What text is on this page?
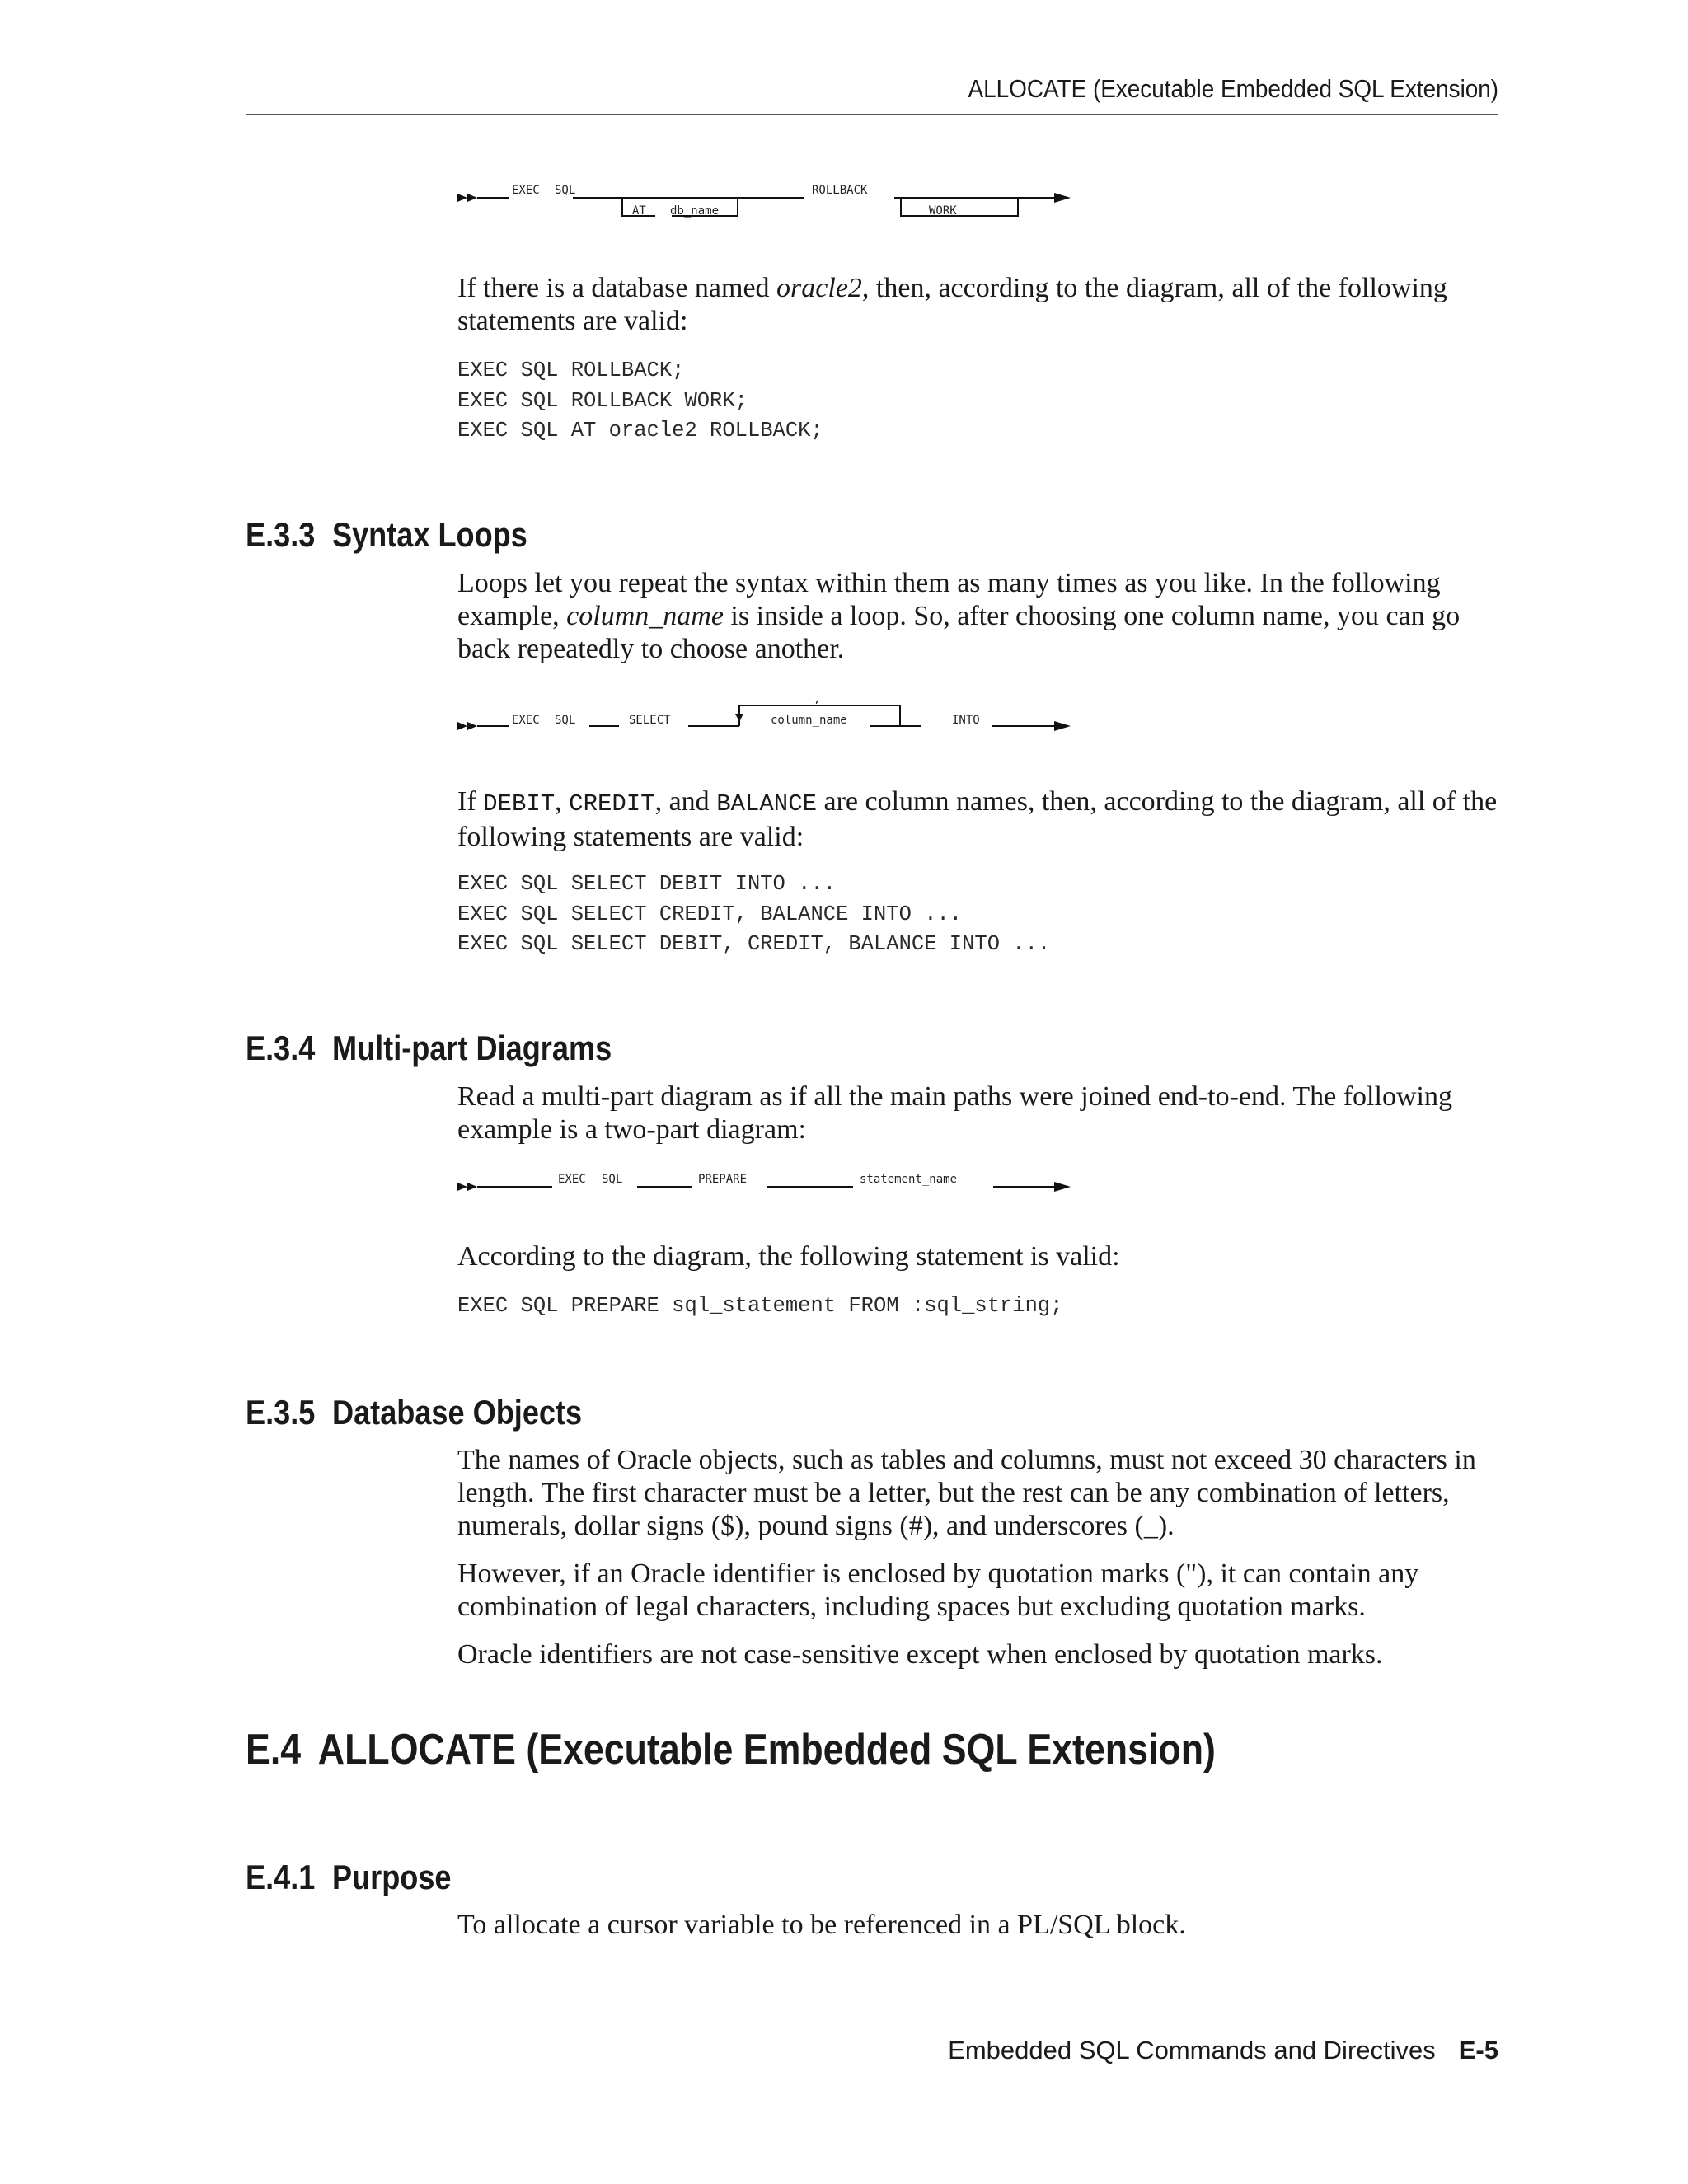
ALLOCATE (Executable Embedded SQL Extension)
EXEC SQL
AT db_name
ROLLBACK
WORK

If there is a database named oracle2, then, according to the diagram, all of the following statements are valid:

EXEC SQL ROLLBACK;
EXEC SQL ROLLBACK WORK;
EXEC SQL AT oracle2 ROLLBACK;
E.3.3 Syntax Loops

Loops let you repeat the syntax within them as many times as you like. In the following example, column_name is inside a loop. So, after choosing one column name, you can go back repeatedly to choose another.

EXEC SQL	SELECT
,
column_name	INTO

If DEBIT, CREDIT, and BALANCE are column names, then, according to the diagram, all of the following statements are valid:

EXEC SQL SELECT DEBIT INTO ...
EXEC SQL SELECT CREDIT, BALANCE INTO ...
EXEC SQL SELECT DEBIT, CREDIT, BALANCE INTO ...
E.3.4 Multi-part Diagrams

Read a multi-part diagram as if all the main paths were joined end-to-end. The following example is a two-part diagram:

EXEC SQL	PREPARE	statement_name

According to the diagram, the following statement is valid:

EXEC SQL PREPARE sql_statement FROM :sql_string;
E.3.5 Database Objects

The names of Oracle objects, such as tables and columns, must not exceed 30 characters in length. The first character must be a letter, but the rest can be any combination of letters, numerals, dollar signs ($), pound signs (#), and underscores (_).

However, if an Oracle identifier is enclosed by quotation marks ("), it can contain any combination of legal characters, including spaces but excluding quotation marks.

Oracle identifiers are not case-sensitive except when enclosed by quotation marks.

E.4 ALLOCATE (Executable Embedded SQL Extension)
E.4.1 Purpose

To allocate a cursor variable to be referenced in a PL/SQL block.

Embedded SQL Commands and Directives E-5
